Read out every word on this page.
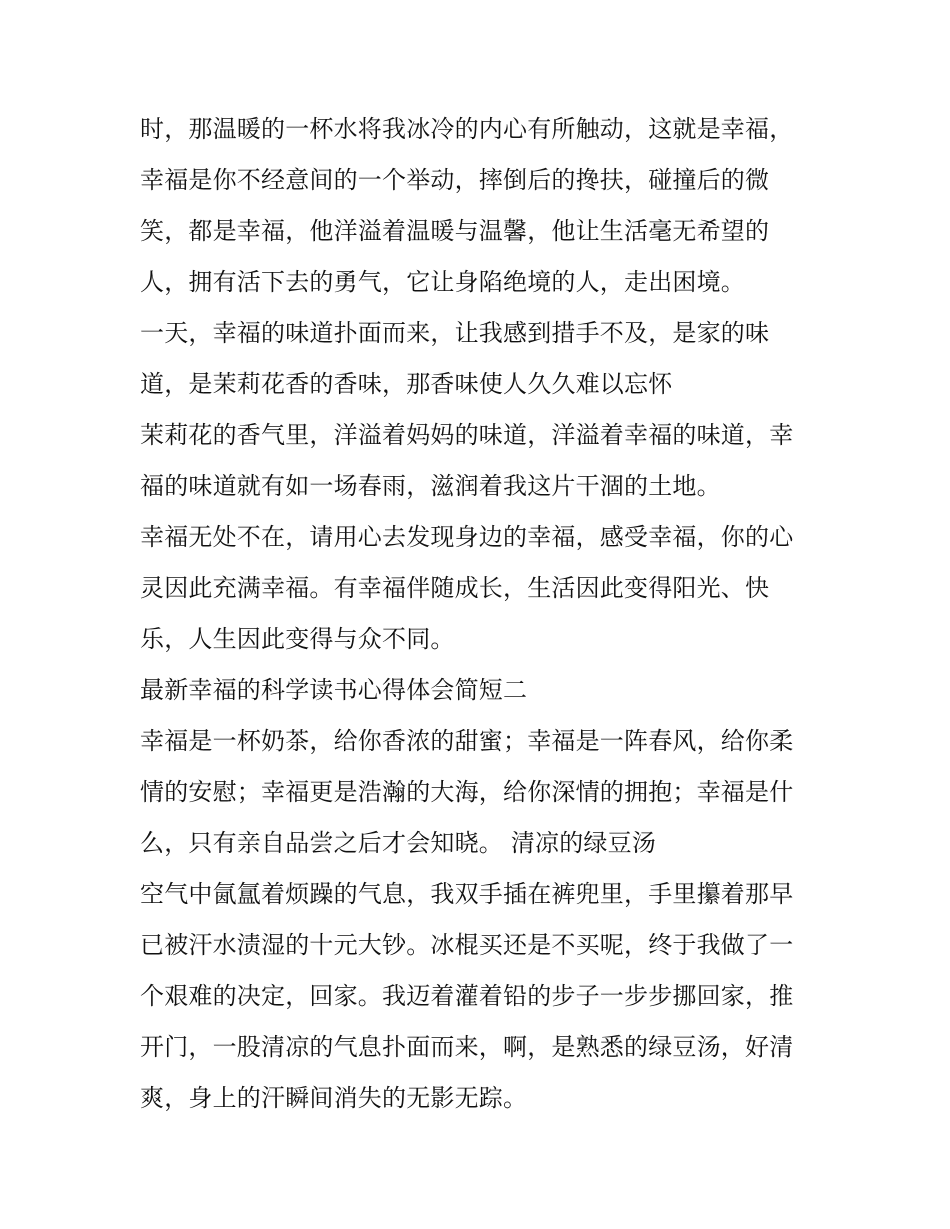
时，那温暖的一杯水将我冰冷的内心有所触动，这就是幸福，
幸福是你不经意间的一个举动，摔倒后的搀扶，碰撞后的微
笑，都是幸福，他洋溢着温暖与温馨，他让生活毫无希望的
人，拥有活下去的勇气，它让身陷绝境的人，走出困境。
一天，幸福的味道扑面而来，让我感到措手不及，是家的味
道，是茉莉花香的香味，那香味使人久久难以忘怀
茉莉花的香气里，洋溢着妈妈的味道，洋溢着幸福的味道，幸
福的味道就有如一场春雨，滋润着我这片干涸的土地。
幸福无处不在，请用心去发现身边的幸福，感受幸福，你的心
灵因此充满幸福。有幸福伴随成长，生活因此变得阳光、快
乐，人生因此变得与众不同。
最新幸福的科学读书心得体会简短二
幸福是一杯奶茶，给你香浓的甜蜜；幸福是一阵春风，给你柔
情的安慰；幸福更是浩瀚的大海，给你深情的拥抱；幸福是什
么，只有亲自品尝之后才会知晓。 清凉的绿豆汤
空气中氤氲着烦躁的气息，我双手插在裤兜里，手里攥着那早
已被汗水渍湿的十元大钞。冰棍买还是不买呢，终于我做了一
个艰难的决定，回家。我迈着灌着铅的步子一步步挪回家，推
开门，一股清凉的气息扑面而来，啊，是熟悉的绿豆汤，好清
爽，身上的汗瞬间消失的无影无踪。
